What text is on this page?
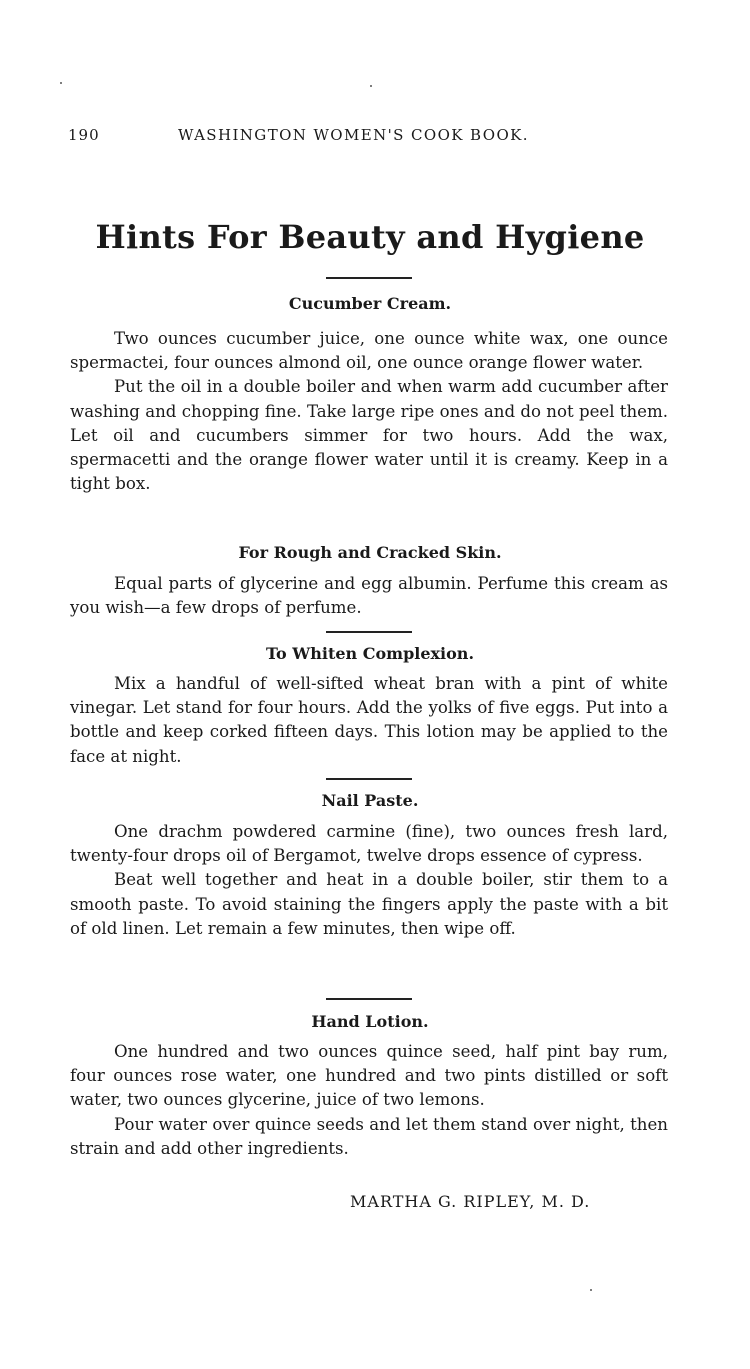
190	WASHINGTON WOMEN'S COOK BOOK.
Hints For Beauty and Hygiene
Cucumber Cream.

Two ounces cucumber juice, one ounce white wax, one ounce spermactei, four ounces almond oil, one ounce orange flower water.

Put the oil in a double boiler and when warm add cucumber after washing and chopping fine. Take large ripe ones and do not peel them. Let oil and cucumbers simmer for two hours. Add the wax, spermacetti and the orange flower water until it is creamy. Keep in a tight box.

For Rough and Cracked Skin.

Equal parts of glycerine and egg albumin. Perfume this cream as you wish—a few drops of perfume.

To Whiten Complexion.

Mix a handful of well-sifted wheat bran with a pint of white vinegar. Let stand for four hours. Add the yolks of five eggs. Put into a bottle and keep corked fifteen days. This lotion may be applied to the face at night.

Nail Paste.

One drachm powdered carmine (fine), two ounces fresh lard, twenty-four drops oil of Bergamot, twelve drops essence of cypress.

Beat well together and heat in a double boiler, stir them to a smooth paste. To avoid staining the fingers apply the paste with a bit of old linen. Let remain a few minutes, then wipe off.

Hand Lotion.

One hundred and two ounces quince seed, half pint bay rum, four ounces rose water, one hundred and two pints distilled or soft water, two ounces glycerine, juice of two lemons.

Pour water over quince seeds and let them stand over night, then strain and add other ingredients.

MARTHA G. RIPLEY, M. D.
